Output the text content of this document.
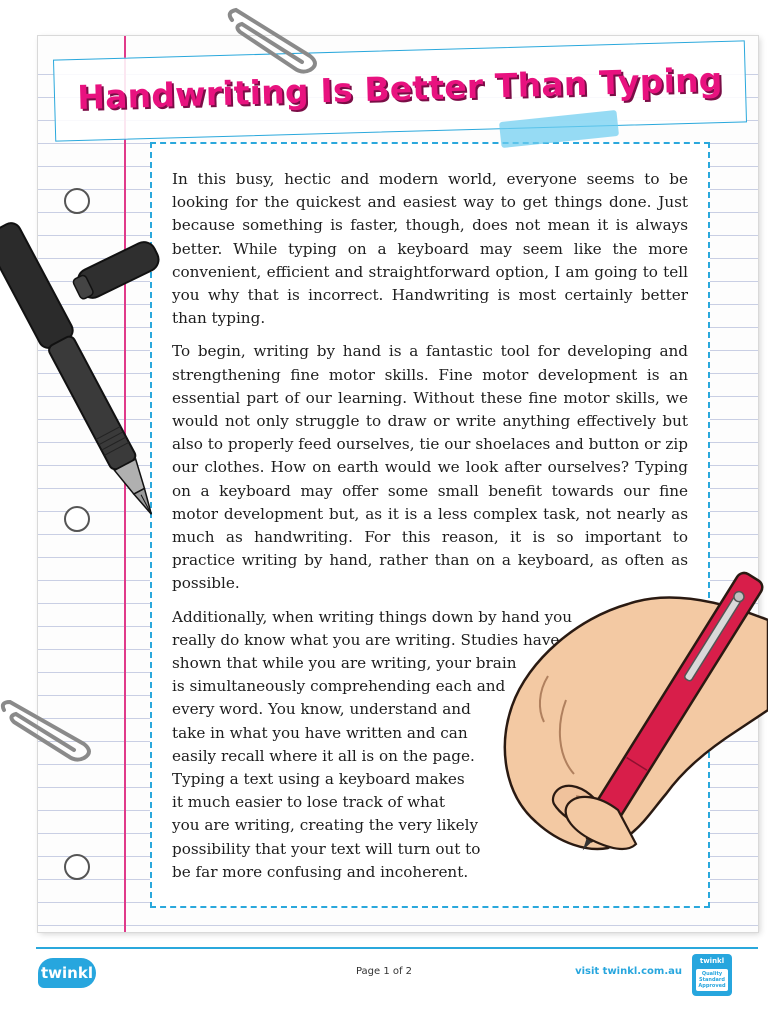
Handwriting Is Better Than Typing

In this busy, hectic and modern world, everyone seems to be looking for the quickest and easiest way to get things done. Just because something is faster, though, does not mean it is always better. While typing on a keyboard may seem like the more convenient, efficient and straightforward option, I am going to tell you why that is incorrect. Handwriting is most certainly better than typing.

To begin, writing by hand is a fantastic tool for developing and strengthening fine motor skills. Fine motor development is an essential part of our learning. Without these fine motor skills, we would not only struggle to draw or write anything effectively but also to properly feed ourselves, tie our shoelaces and button or zip our clothes. How on earth would we look after ourselves? Typing on a keyboard may offer some small benefit towards our fine motor development but, as it is a less complex task, not nearly as much as handwriting. For this reason, it is so important to practice writing by hand, rather than on a keyboard, as often as possible.

Additionally, when writing things down by hand you
really do know what you are writing. Studies have
shown that while you are writing, your brain
is simultaneously comprehending each and
every word. You know, understand and
take in what you have written and can
easily recall where it all is on the page.
Typing a text using a keyboard makes
it much easier to lose track of what
you are writing, creating the very likely
possibility that your text will turn out to
be far more confusing and incoherent.

twinkl	Page 1 of 2	visit twinkl.com.au
twinkl
Quality Standard Approved
